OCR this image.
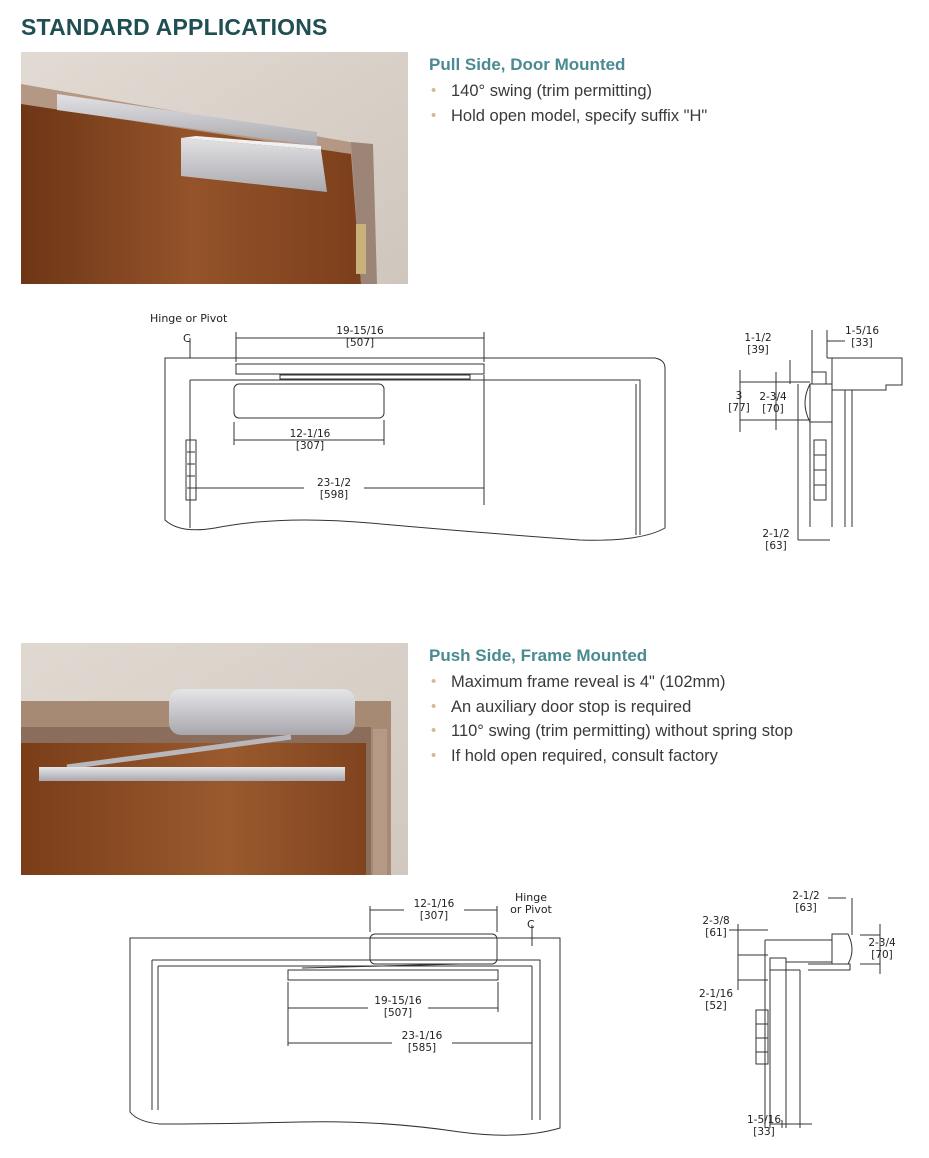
STANDARD APPLICATIONS
Pull Side, Door Mounted
• 140° swing (trim permitting)
• Hold open model, specify suffix "H"
C
Hinge or Pivot
19-15/16
[507]
12-1/16
[307]
23-1/2
[598]
1-1/2
[39]
1-5/16
[33]
3
[77]
2-3/4
[70]
2-1/2
[63]
Push Side, Frame Mounted
• Maximum frame reveal is 4" (102mm)
• An auxiliary door stop is required
• 110° swing (trim permitting) without spring stop
• If hold open required, consult factory
C
Hinge
or Pivot
12-1/16
[307]
19-15/16
[507]
23-1/16
[585]
2-1/2
[63]
2-3/8
[61]
2-3/4
[70]
2-1/16
[52]
1-5/16
[33]
